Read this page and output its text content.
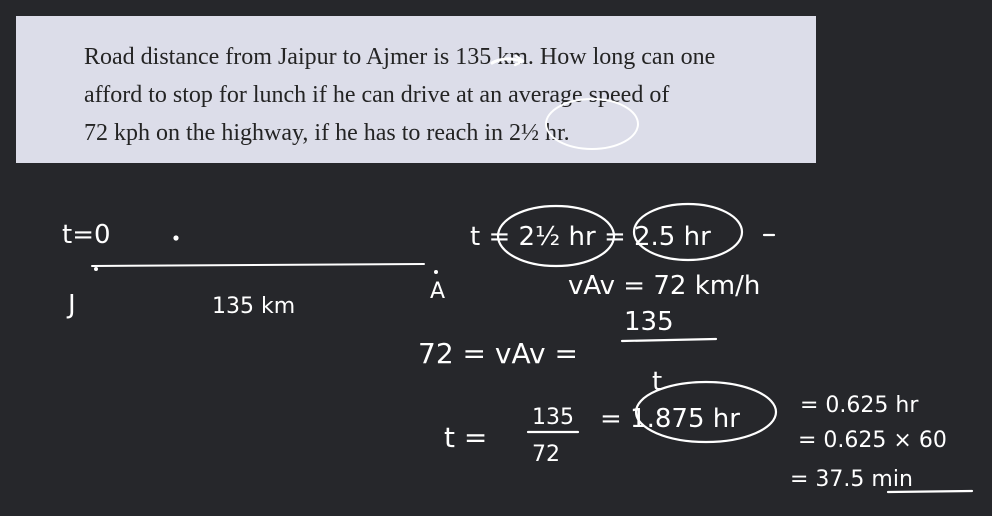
Road distance from Jaipur to Ajmer is 135 km. How long can one
afford to stop for lunch if he can drive at an average speed of
72 kph on the highway, if he has to reach in 2½ hr.

t=0
J	A
135 km
t = 2½ hr = 2.5 hr
vAv = 72 km/h
72 = vAv =
135
t
t =
135
72
= 1.875 hr	= 0.625 hr
= 0.625 × 60
= 37.5 min
